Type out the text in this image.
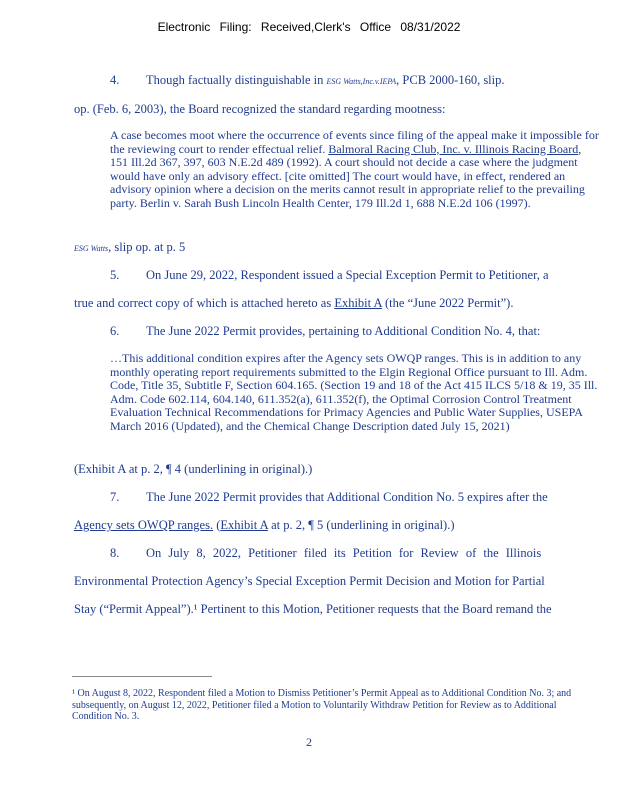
Electronic Filing: Received,Clerk's Office 08/31/2022
4. Though factually distinguishable in ESG Watts,Inc.v.IEPA, PCB 2000-160, slip.
op. (Feb. 6, 2003), the Board recognized the standard regarding mootness:
A case becomes moot where the occurrence of events since filing of the appeal make it impossible for the reviewing court to render effectual relief. Balmoral Racing Club, Inc. v. Illinois Racing Board, 151 Ill.2d 367, 397, 603 N.E.2d 489 (1992). A court should not decide a case where the judgment would have only an advisory effect. [cite omitted] The court would have, in effect, rendered an advisory opinion where a decision on the merits cannot result in appropriate relief to the prevailing party. Berlin v. Sarah Bush Lincoln Health Center, 179 Ill.2d 1, 688 N.E.2d 106 (1997).
ESG Watts, slip op. at p. 5
5. On June 29, 2022, Respondent issued a Special Exception Permit to Petitioner, a
true and correct copy of which is attached hereto as Exhibit A (the “June 2022 Permit”).
6. The June 2022 Permit provides, pertaining to Additional Condition No. 4, that:
…This additional condition expires after the Agency sets OWQP ranges. This is in addition to any monthly operating report requirements submitted to the Elgin Regional Office pursuant to Ill. Adm. Code, Title 35, Subtitle F, Section 604.165. (Section 19 and 18 of the Act 415 ILCS 5/18 & 19, 35 Ill. Adm. Code 602.114, 604.140, 611.352(a), 611.352(f), the Optimal Corrosion Control Treatment Evaluation Technical Recommendations for Primacy Agencies and Public Water Supplies, USEPA March 2016 (Updated), and the Chemical Change Description dated July 15, 2021)
(Exhibit A at p. 2, ¶ 4 (underlining in original).)
7. The June 2022 Permit provides that Additional Condition No. 5 expires after the
Agency sets OWQP ranges. (Exhibit A at p. 2, ¶ 5 (underlining in original).)
8. On July 8, 2022, Petitioner filed its Petition for Review of the Illinois
Environmental Protection Agency’s Special Exception Permit Decision and Motion for Partial
Stay (“Permit Appeal”).¹ Pertinent to this Motion, Petitioner requests that the Board remand the
¹ On August 8, 2022, Respondent filed a Motion to Dismiss Petitioner’s Permit Appeal as to Additional Condition No. 3; and subsequently, on August 12, 2022, Petitioner filed a Motion to Voluntarily Withdraw Petition for Review as to Additional Condition No. 3.
2
